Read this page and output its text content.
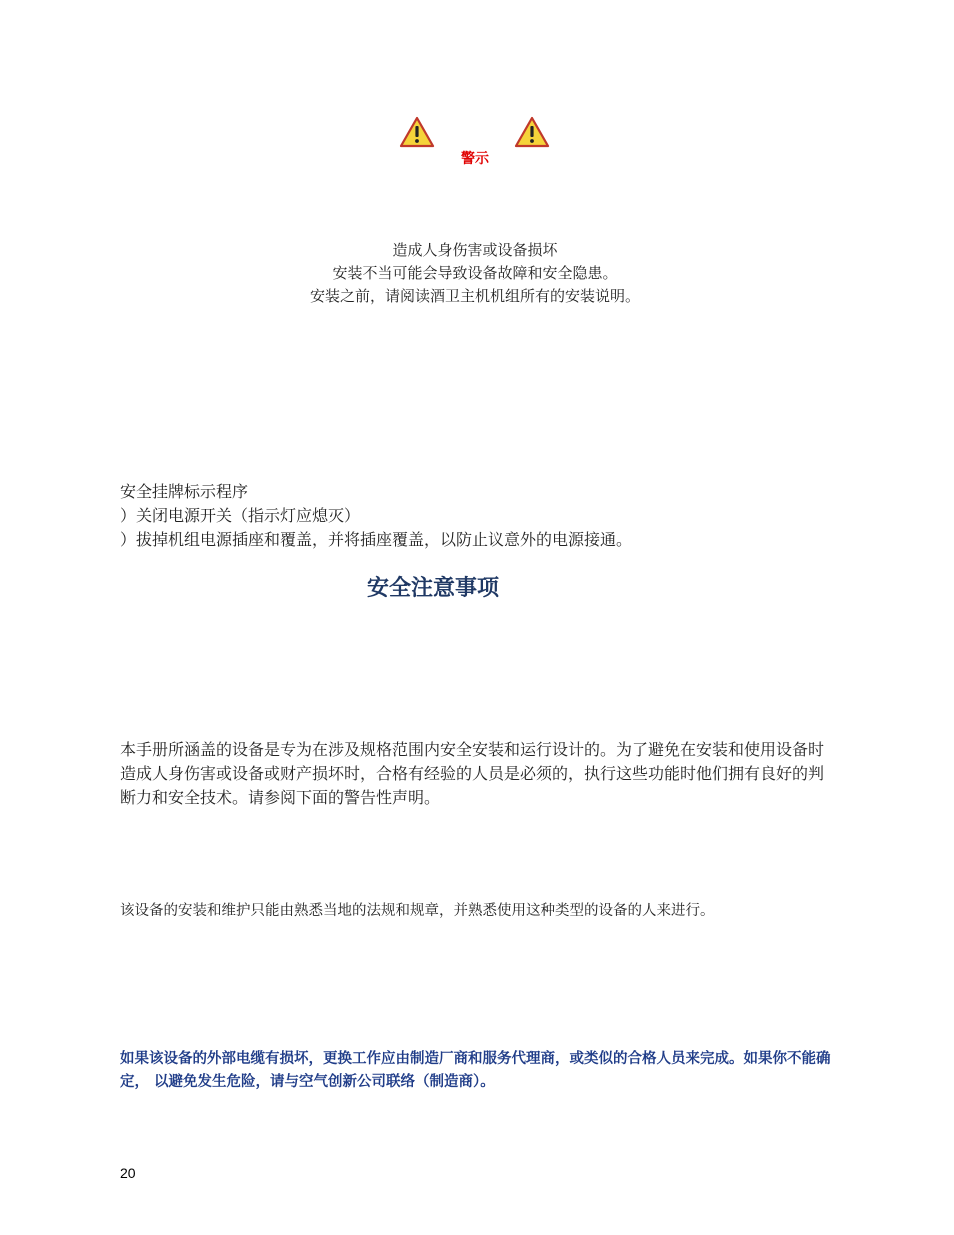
警示
造成人身伤害或设备损坏
安装不当可能会导致设备故障和安全隐患。
安装之前，请阅读酒卫主机机组所有的安装说明。
安全挂牌标示程序
）关闭电源开关（指示灯应熄灭）
）拔掉机组电源插座和覆盖，并将插座覆盖，以防止议意外的电源接通。
安全注意事项
本手册所涵盖的设备是专为在涉及规格范围内安全安装和运行设计的。为了避免在安装和使用设备时造成人身伤害或设备或财产损坏时，合格有经验的人员是必须的，执行这些功能时他们拥有良好的判断力和安全技术。请参阅下面的警告性声明。
该设备的安装和维护只能由熟悉当地的法规和规章，并熟悉使用这种类型的设备的人来进行。
如果该设备的外部电缆有损坏，更换工作应由制造厂商和服务代理商，或类似的合格人员来完成。如果你不能确定， 以避免发生危险，请与空气创新公司联络（制造商）。
20
